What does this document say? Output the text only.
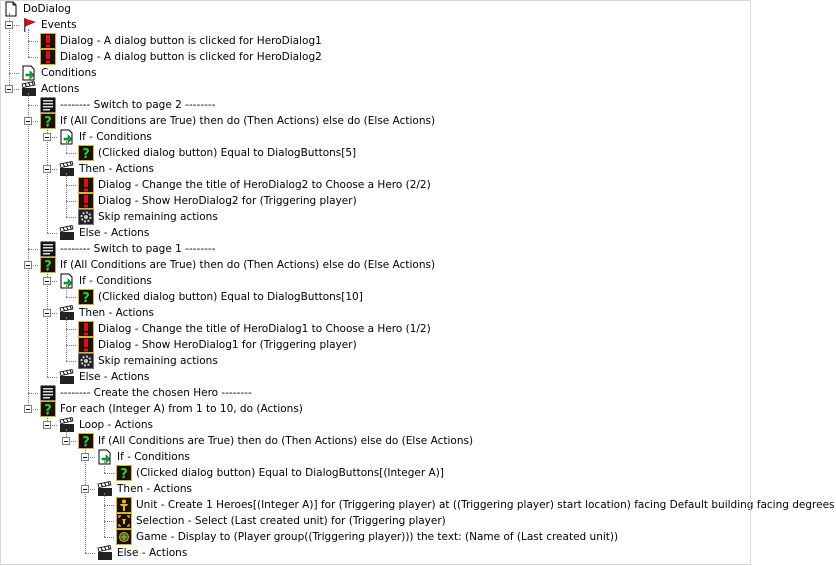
DoDialog
Events
Dialog - A dialog button is clicked for HeroDialog1
Dialog - A dialog button is clicked for HeroDialog2
Conditions
Actions
-------- Switch to page 2 --------
? If (All Conditions are True) then do (Then Actions) else do (Else Actions)
If - Conditions
? (Clicked dialog button) Equal to DialogButtons[5]
Then - Actions
Dialog - Change the title of HeroDialog2 to Choose a Hero (2/2)
Dialog - Show HeroDialog2 for (Triggering player)
Skip remaining actions
Else - Actions
-------- Switch to page 1 --------
? If (All Conditions are True) then do (Then Actions) else do (Else Actions)
If - Conditions
? (Clicked dialog button) Equal to DialogButtons[10]
Then - Actions
Dialog - Change the title of HeroDialog1 to Choose a Hero (1/2)
Dialog - Show HeroDialog1 for (Triggering player)
Skip remaining actions
Else - Actions
-------- Create the chosen Hero --------
? For each (Integer A) from 1 to 10, do (Actions)
Loop - Actions
? If (All Conditions are True) then do (Then Actions) else do (Else Actions)
If - Conditions
? (Clicked dialog button) Equal to DialogButtons[(Integer A)]
Then - Actions
Unit - Create 1 Heroes[(Integer A)] for (Triggering player) at ((Triggering player) start location) facing Default building facing degrees
Selection - Select (Last created unit) for (Triggering player)
Game - Display to (Player group((Triggering player))) the text: (Name of (Last created unit))
Else - Actions
